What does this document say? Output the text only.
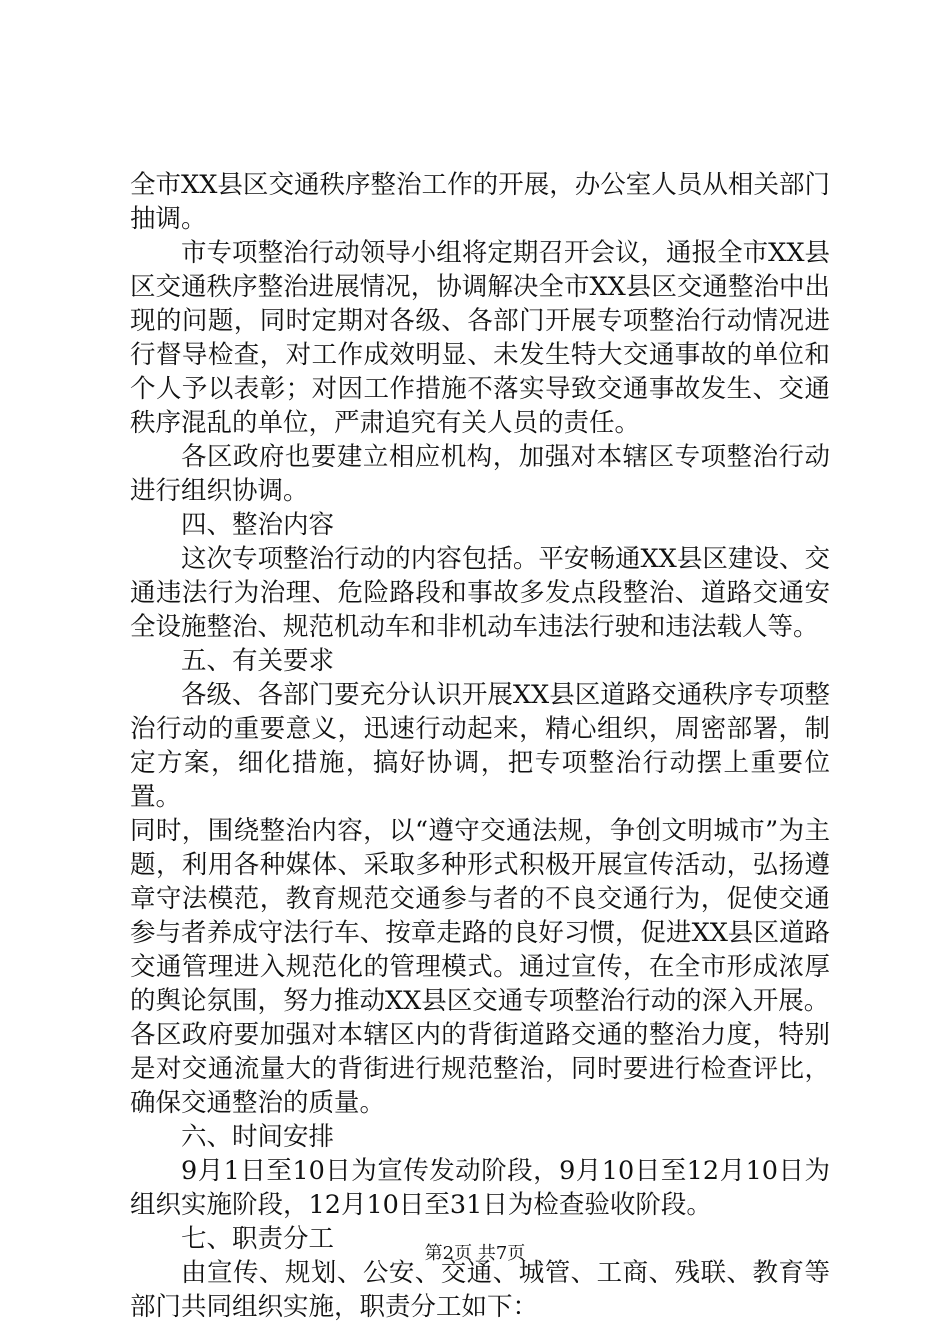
全市XX县区交通秩序整治工作的开展，办公室人员从相关部门抽调。

市专项整治行动领导小组将定期召开会议，通报全市XX县区交通秩序整治进展情况，协调解决全市XX县区交通整治中出现的问题，同时定期对各级、各部门开展专项整治行动情况进行督导检查，对工作成效明显、未发生特大交通事故的单位和个人予以表彰；对因工作措施不落实导致交通事故发生、交通秩序混乱的单位，严肃追究有关人员的责任。

各区政府也要建立相应机构，加强对本辖区专项整治行动进行组织协调。

四、整治内容

这次专项整治行动的内容包括。平安畅通XX县区建设、交通违法行为治理、危险路段和事故多发点段整治、道路交通安全设施整治、规范机动车和非机动车违法行驶和违法载人等。

五、有关要求

各级、各部门要充分认识开展XX县区道路交通秩序专项整治行动的重要意义，迅速行动起来，精心组织，周密部署，制定方案，细化措施，搞好协调，把专项整治行动摆上重要位置。

同时，围绕整治内容，以“遵守交通法规，争创文明城市”为主题，利用各种媒体、采取多种形式积极开展宣传活动，弘扬遵章守法模范，教育规范交通参与者的不良交通行为，促使交通参与者养成守法行车、按章走路的良好习惯，促进XX县区道路交通管理进入规范化的管理模式。通过宣传，在全市形成浓厚的舆论氛围，努力推动XX县区交通专项整治行动的深入开展。

各区政府要加强对本辖区内的背街道路交通的整治力度，特别是对交通流量大的背街进行规范整治，同时要进行检查评比，确保交通整治的质量。

六、时间安排

9月1日至10日为宣传发动阶段，9月10日至12月10日为组织实施阶段，12月10日至31日为检查验收阶段。

七、职责分工

由宣传、规划、公安、交通、城管、工商、残联、教育等部门共同组织实施，职责分工如下：

第2页 共7页
